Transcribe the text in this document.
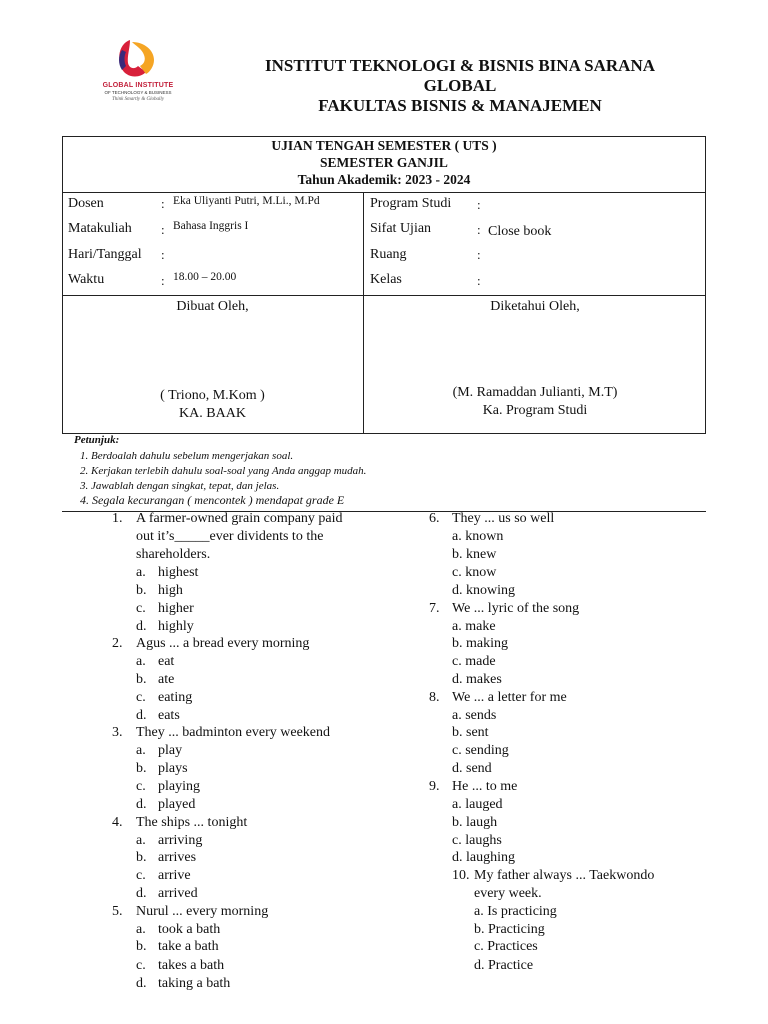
GLOBAL INSTITUTE
OF TECHNOLOGY & BUSINESS
Think Smartly & Globally
INSTITUT TEKNOLOGI & BISNIS BINA SARANA
GLOBAL
FAKULTAS BISNIS & MANAJEMEN
UJIAN TENGAH SEMESTER ( UTS )
SEMESTER GANJIL
Tahun Akademik: 2023 - 2024
Dosen	: Eka Uliyanti Putri, M.Li., M.Pd
Matakuliah : Bahasa Inggris I
Hari/Tanggal :
Waktu	: 18.00 – 20.00
Program Studi :
Sifat Ujian	: Close book
Ruang	:
Kelas	:
Dibuat Oleh,	Diketahui Oleh,
( Triono, M.Kom )
KA. BAAK
(M. Ramaddan Julianti, M.T)
Ka. Program Studi
Petunjuk:
1. Berdoalah dahulu sebelum mengerjakan soal.
2. Kerjakan terlebih dahulu soal-soal yang Anda anggap mudah.
3. Jawablah dengan singkat, tepat, dan jelas.
4. Segala kecurangan ( mencontek ) mendapat grade E
1. A farmer-owned grain company paid
out it’s_____ever dividents to the
shareholders.
a. highest
b. high
c. higher
d. highly
2. Agus ... a bread every morning
a. eat
b. ate
c. eating
d. eats
3. They ... badminton every weekend
a. play
b. plays
c. playing
d. played
4. The ships ... tonight
a. arriving
b. arrives
c. arrive
d. arrived
5. Nurul ... every morning
a. took a bath
b. take a bath
c. takes a bath
d. taking a bath
6. They ... us so well
a. known
b. knew
c. know
d. knowing
7. We ... lyric of the song
a. make
b. making
c. made
d. makes
8. We ... a letter for me
a. sends
b. sent
c. sending
d. send
9. He ... to me
a. lauged
b. laugh
c. laughs
d. laughing
10. My father always ... Taekwondo
every week.
a. Is practicing
b. Practicing
c. Practices
d. Practice
